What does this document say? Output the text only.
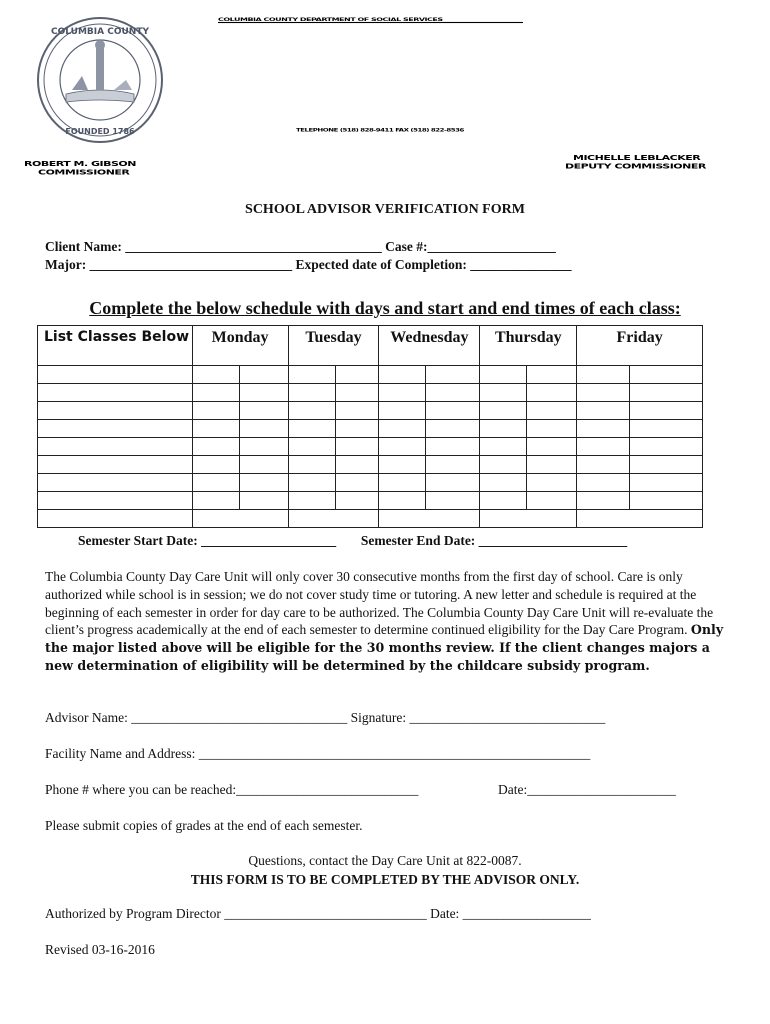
COLUMBIA COUNTY
FOUNDED 1786
COLUMBIA COUNTY DEPARTMENT OF SOCIAL SERVICES
TELEPHONE (518) 828-9411 FAX (518) 822-8536
ROBERT M. GIBSON
COMMISSIONER
MICHELLE LEBLACKER
DEPUTY COMMISSIONER
SCHOOL ADVISOR VERIFICATION FORM
Client Name: ______________________________________ Case #:___________________
Major: ______________________________ Expected date of Completion: _______________
Complete the below schedule with days and start and end times of each class:
List Classes Below	Monday	Tuesday	Wednesday	Thursday	Friday

Semester Start Date: ____________________ Semester End Date: ______________________
The Columbia County Day Care Unit will only cover 30 consecutive months from the first day of school. Care is only authorized while school is in session; we do not cover study time or tutoring. A new letter and schedule is required at the beginning of each semester in order for day care to be authorized. The Columbia County Day Care Unit will re-evaluate the client’s progress academically at the end of each semester to determine continued eligibility for the Day Care Program. Only the major listed above will be eligible for the 30 months review. If the client changes majors a new determination of eligibility will be determined by the childcare subsidy program.
Advisor Name: ________________________________ Signature: _____________________________
Facility Name and Address: __________________________________________________________
Phone # where you can be reached:___________________________	Date:______________________
Please submit copies of grades at the end of each semester.
Questions, contact the Day Care Unit at 822-0087.
THIS FORM IS TO BE COMPLETED BY THE ADVISOR ONLY.
Authorized by Program Director ______________________________ Date: ___________________
Revised 03-16-2016
